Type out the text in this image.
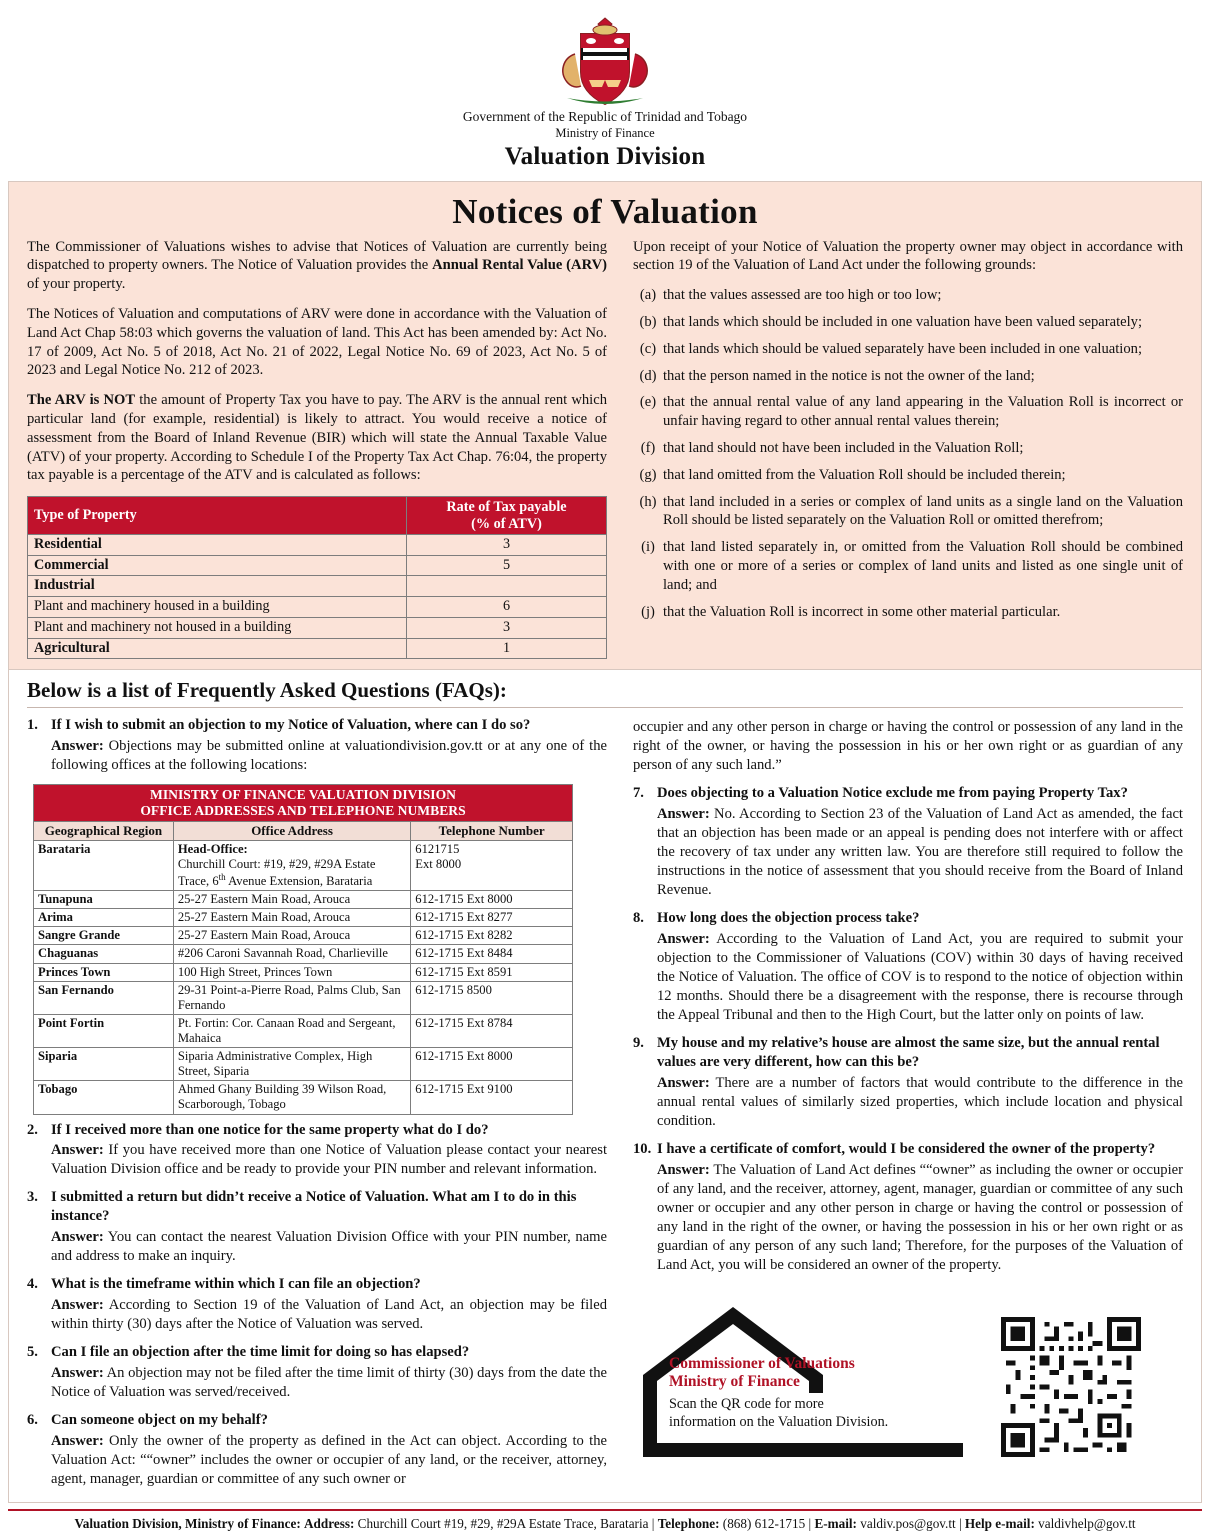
Government of the Republic of Trinidad and Tobago
Ministry of Finance
Valuation Division
Notices of Valuation

The Commissioner of Valuations wishes to advise that Notices of Valuation are currently being dispatched to property owners. The Notice of Valuation provides the Annual Rental Value (ARV) of your property.

The Notices of Valuation and computations of ARV were done in accordance with the Valuation of Land Act Chap 58:03 which governs the valuation of land. This Act has been amended by: Act No. 17 of 2009, Act No. 5 of 2018, Act No. 21 of 2022, Legal Notice No. 69 of 2023, Act No. 5 of 2023 and Legal Notice No. 212 of 2023.

The ARV is NOT the amount of Property Tax you have to pay. The ARV is the annual rent which particular land (for example, residential) is likely to attract. You would receive a notice of assessment from the Board of Inland Revenue (BIR) which will state the Annual Taxable Value (ATV) of your property. According to Schedule I of the Property Tax Act Chap. 76:04, the property tax payable is a percentage of the ATV and is calculated as follows:

Type of Property	Rate of Tax payable
(% of ATV)

Residential	3
Commercial	5
Industrial	
Plant and machinery housed in a building	6
Plant and machinery not housed in a building	3
Agricultural	1

Upon receipt of your Notice of Valuation the property owner may object in accordance with section 19 of the Valuation of Land Act under the following grounds:

(a) that the values assessed are too high or too low;
(b) that lands which should be included in one valuation have been valued separately;
(c) that lands which should be valued separately have been included in one valuation;
(d) that the person named in the notice is not the owner of the land;
(e) that the annual rental value of any land appearing in the Valuation Roll is incorrect or unfair having regard to other annual rental values therein;
(f) that land should not have been included in the Valuation Roll;
(g) that land omitted from the Valuation Roll should be included therein;
(h) that land included in a series or complex of land units as a single land on the Valuation Roll should be listed separately on the Valuation Roll or omitted therefrom;
(i) that land listed separately in, or omitted from the Valuation Roll should be combined with one or more of a series or complex of land units and listed as one single unit of land; and
(j) that the Valuation Roll is incorrect in some other material particular.
Below is a list of Frequently Asked Questions (FAQs):
1. If I wish to submit an objection to my Notice of Valuation, where can I do so?
Answer: Objections may be submitted online at valuationdivision.gov.tt or at any one of the following offices at the following locations:
MINISTRY OF FINANCE VALUATION DIVISION
OFFICE ADDRESSES AND TELEPHONE NUMBERS		

Geographical Region	Office Address	Telephone Number
Barataria	Head-Office:
Churchill Court: #19, #29, #29A Estate Trace, 6th Avenue Extension, Barataria	6121715
Ext 8000
Tunapuna	25-27 Eastern Main Road, Arouca	612-1715 Ext 8000
Arima	25-27 Eastern Main Road, Arouca	612-1715 Ext 8277
Sangre Grande	25-27 Eastern Main Road, Arouca	612-1715 Ext 8282
Chaguanas	#206 Caroni Savannah Road, Charlieville	612-1715 Ext 8484
Princes Town	100 High Street, Princes Town	612-1715 Ext 8591
San Fernando	29-31 Point-a-Pierre Road, Palms Club, San Fernando	612-1715 8500
Point Fortin	Pt. Fortin: Cor. Canaan Road and Sergeant, Mahaica	612-1715 Ext 8784
Siparia	Siparia Administrative Complex, High Street, Siparia	612-1715 Ext 8000
Tobago	Ahmed Ghany Building 39 Wilson Road, Scarborough, Tobago	612-1715 Ext 9100
2. If I received more than one notice for the same property what do I do?
Answer: If you have received more than one Notice of Valuation please contact your nearest Valuation Division office and be ready to provide your PIN number and relevant information.
3. I submitted a return but didn’t receive a Notice of Valuation. What am I to do in this instance?
Answer: You can contact the nearest Valuation Division Office with your PIN number, name and address to make an inquiry.
4. What is the timeframe within which I can file an objection?
Answer: According to Section 19 of the Valuation of Land Act, an objection may be filed within thirty (30) days after the Notice of Valuation was served.
5. Can I file an objection after the time limit for doing so has elapsed?
Answer: An objection may not be filed after the time limit of thirty (30) days from the date the Notice of Valuation was served/received.
6. Can someone object on my behalf?
Answer: Only the owner of the property as defined in the Act can object. According to the Valuation Act: ““owner” includes the owner or occupier of any land, or the receiver, attorney, agent, manager, guardian or committee of any such owner or
occupier and any other person in charge or having the control or possession of any land in the right of the owner, or having the possession in his or her own right or as guardian of any person of any such land.”
7. Does objecting to a Valuation Notice exclude me from paying Property Tax?
Answer: No. According to Section 23 of the Valuation of Land Act as amended, the fact that an objection has been made or an appeal is pending does not interfere with or affect the recovery of tax under any written law. You are therefore still required to follow the instructions in the notice of assessment that you should receive from the Board of Inland Revenue.
8. How long does the objection process take?
Answer: According to the Valuation of Land Act, you are required to submit your objection to the Commissioner of Valuations (COV) within 30 days of having received the Notice of Valuation. The office of COV is to respond to the notice of objection within 12 months. Should there be a disagreement with the response, there is recourse through the Appeal Tribunal and then to the High Court, but the latter only on points of law.
9. My house and my relative’s house are almost the same size, but the annual rental values are very different, how can this be?
Answer: There are a number of factors that would contribute to the difference in the annual rental values of similarly sized properties, which include location and physical condition.
10. I have a certificate of comfort, would I be considered the owner of the property?
Answer: The Valuation of Land Act defines ““owner” as including the owner or occupier of any land, and the receiver, attorney, agent, manager, guardian or committee of any such owner or occupier and any other person in charge or having the control or possession of any land in the right of the owner, or having the possession in his or her own right or as guardian of any person of any such land; Therefore, for the purposes of the Valuation of Land Act, you will be considered an owner of the property.
Commissioner of Valuations
Ministry of Finance
Scan the QR code for more
information on the Valuation Division.
Valuation Division, Ministry of Finance: Address: Churchill Court #19, #29, #29A Estate Trace, Barataria | Telephone: (868) 612-1715 | E-mail: valdiv.pos@gov.tt | Help e-mail: valdivhelp@gov.tt
